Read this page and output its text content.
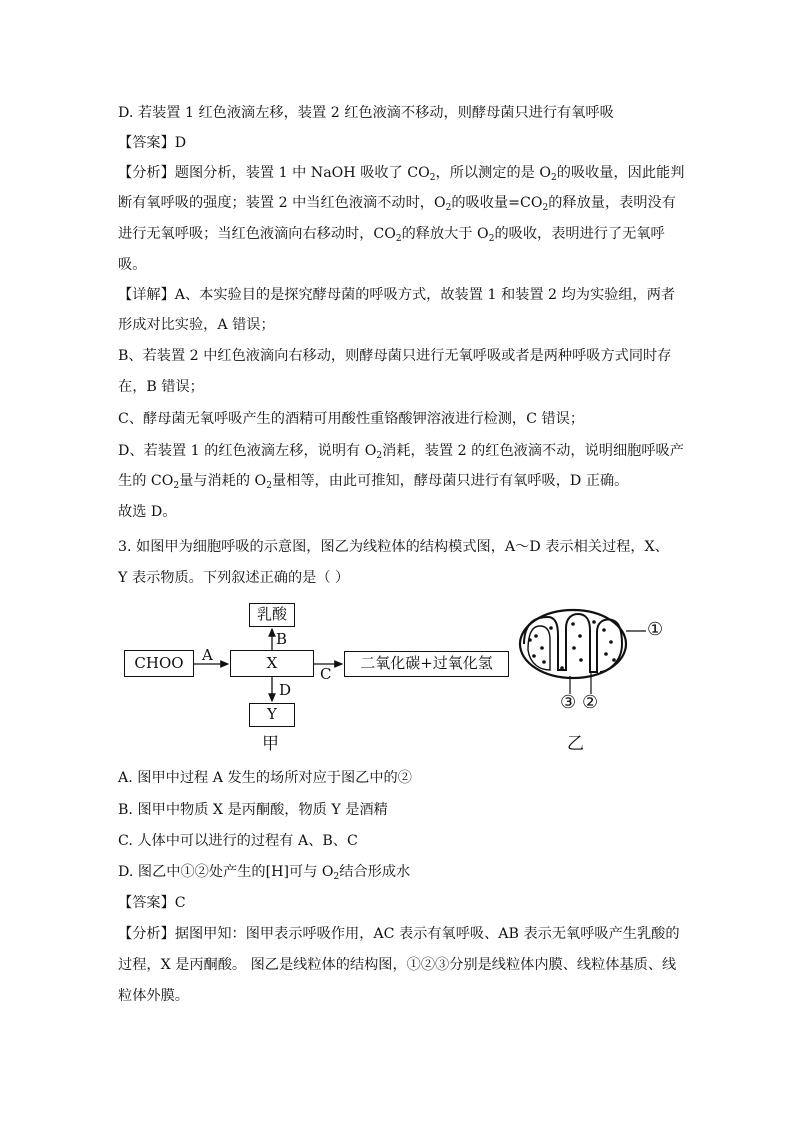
D. 若装置 1 红色液滴左移，装置 2 红色液滴不移动，则酵母菌只进行有氧呼吸
【答案】D
【分析】题图分析，装置 1 中 NaOH 吸收了 $CO_2$，所以测定的是 $O_2$的吸收量，因此能判
断有氧呼吸的强度；装置 2 中当红色液滴不动时，$O_2$的吸收量$=CO_2$的释放量，表明没有
进行无氧呼吸；当红色液滴向右移动时，$CO_2$的释放大于 $O_2$的吸收，表明进行了无氧呼
吸。
【详解】A、本实验目的是探究酵母菌的呼吸方式，故装置 1 和装置 2 均为实验组，两者
形成对比实验，A 错误；
B、若装置 2 中红色液滴向右移动，则酵母菌只进行无氧呼吸或者是两种呼吸方式同时存
在，B 错误；
C、酵母菌无氧呼吸产生的酒精可用酸性重铬酸钾溶液进行检测，C 错误；
D、若装置 1 的红色液滴左移，说明有 $O_2$消耗，装置 2 的红色液滴不动，说明细胞呼吸产
生的 $CO_2$量与消耗的 $O_2$量相等，由此可推知，酵母菌只进行有氧呼吸，D 正确。
故选 D。
3. 如图甲为细胞呼吸的示意图，图乙为线粒体的结构模式图，A～D 表示相关过程，X、
Y 表示物质。下列叙述正确的是（ ）
CHOO	X
乳酸
Y
二氧化碳+过氧化氢
A
B
C
D
甲
①
③ ②
乙
A. 图甲中过程 A 发生的场所对应于图乙中的②
B. 图甲中物质 X 是丙酮酸，物质 Y 是酒精
C. 人体中可以进行的过程有 A、B、C
D. 图乙中①②处产生的[H]可与 $O_2$结合形成水
【答案】C
【分析】据图甲知：图甲表示呼吸作用，AC 表示有氧呼吸、AB 表示无氧呼吸产生乳酸的
过程，X 是丙酮酸。 图乙是线粒体的结构图，①②③分别是线粒体内膜、线粒体基质、线
粒体外膜。
